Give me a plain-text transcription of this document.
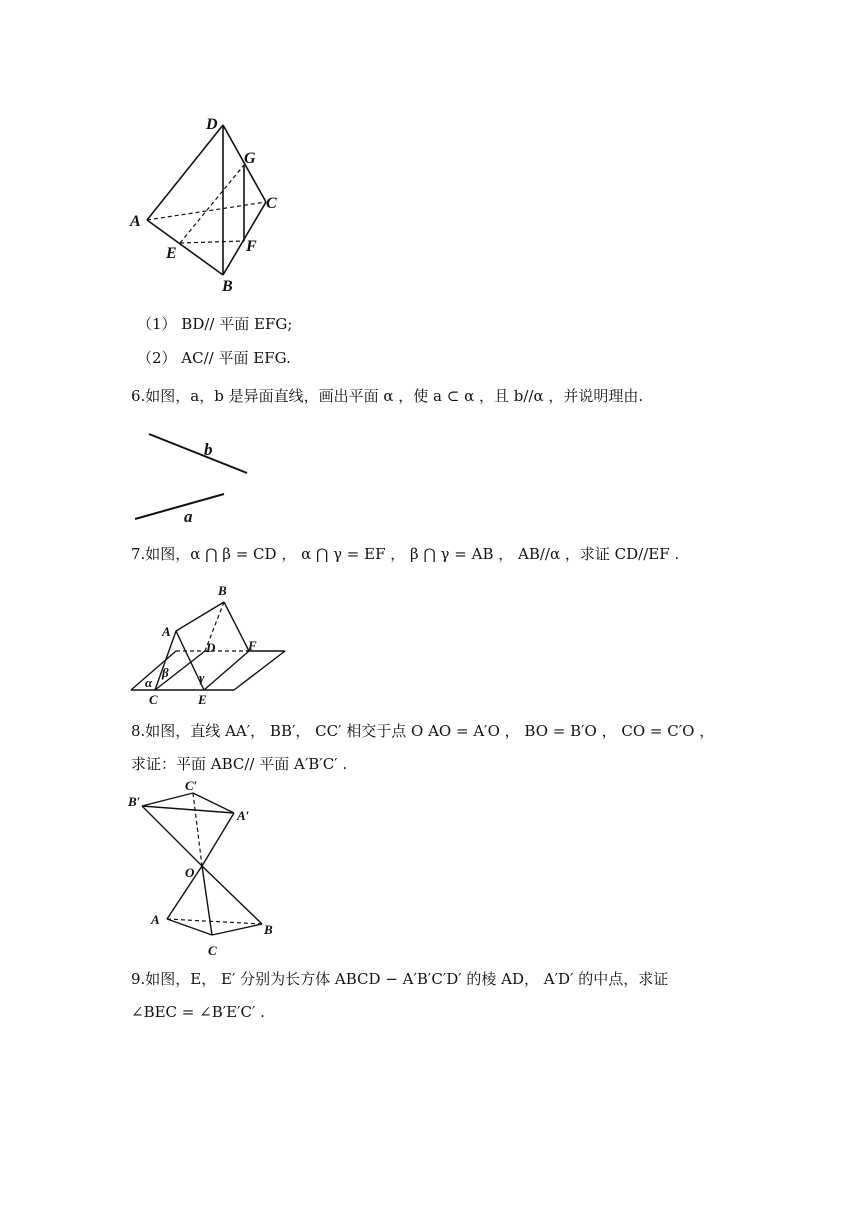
D
G
C
A
E	F
B
（1） BD// 平面 EFG;
（2） AC// 平面 EFG.
6.如图，a，b 是异面直线，画出平面 α ，使 a ⊂ α ，且 b//α ，并说明理由.
b
a
7.如图，α ⋂ β = CD ， α ⋂ γ = EF ， β ⋂ γ = AB ， AB//α ，求证 CD//EF .
B
A
D	F
β γ
α
C	E
8.如图，直线 AA′， BB′， CC′ 相交于点 O AO = A′O ， BO = B′O ， CO = C′O ，
求证：平面 ABC// 平面 A′B′C′ .
C′
B′
A′
O
A
B
C
9.如图，E， E′ 分别为长方体 ABCD − A′B′C′D′ 的棱 AD， A′D′ 的中点，求证
∠BEC = ∠B′E′C′ .
